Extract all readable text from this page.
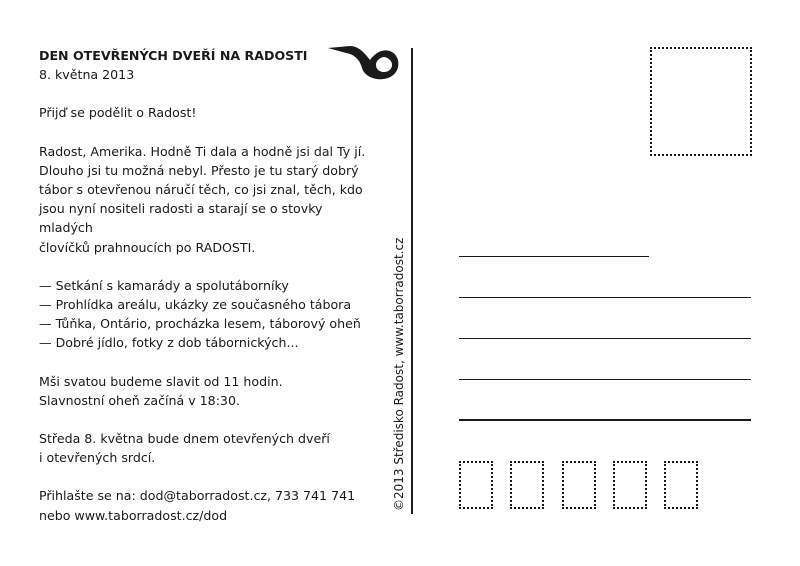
DEN OTEVŘENÝCH DVEŘÍ NA RADOSTI

8. května 2013

Přijď se podělit o Radost!

Radost, Amerika. Hodně Ti dala a hodně jsi dal Ty jí.

Dlouho jsi tu možná nebyl. Přesto je tu starý dobrý

tábor s otevřenou náručí těch, co jsi znal, těch, kdo

jsou nyní nositeli radosti a starají se o stovky mladých

človíčků prahnoucích po RADOSTI.

— Setkání s kamarády a spolutáborníky

— Prohlídka areálu, ukázky ze současného tábora

— Tůňka, Ontário, procházka lesem, táborový oheň

— Dobré jídlo, fotky z dob tábornických...

Mši svatou budeme slavit od 11 hodin.

Slavnostní oheň začíná v 18:30.

Středa 8. května bude dnem otevřených dveří

i otevřených srdcí.

Přihlašte se na: dod@taborradost.cz, 733 741 741

nebo www.taborradost.cz/dod

©2013 Středisko Radost, www.taborradost.cz
